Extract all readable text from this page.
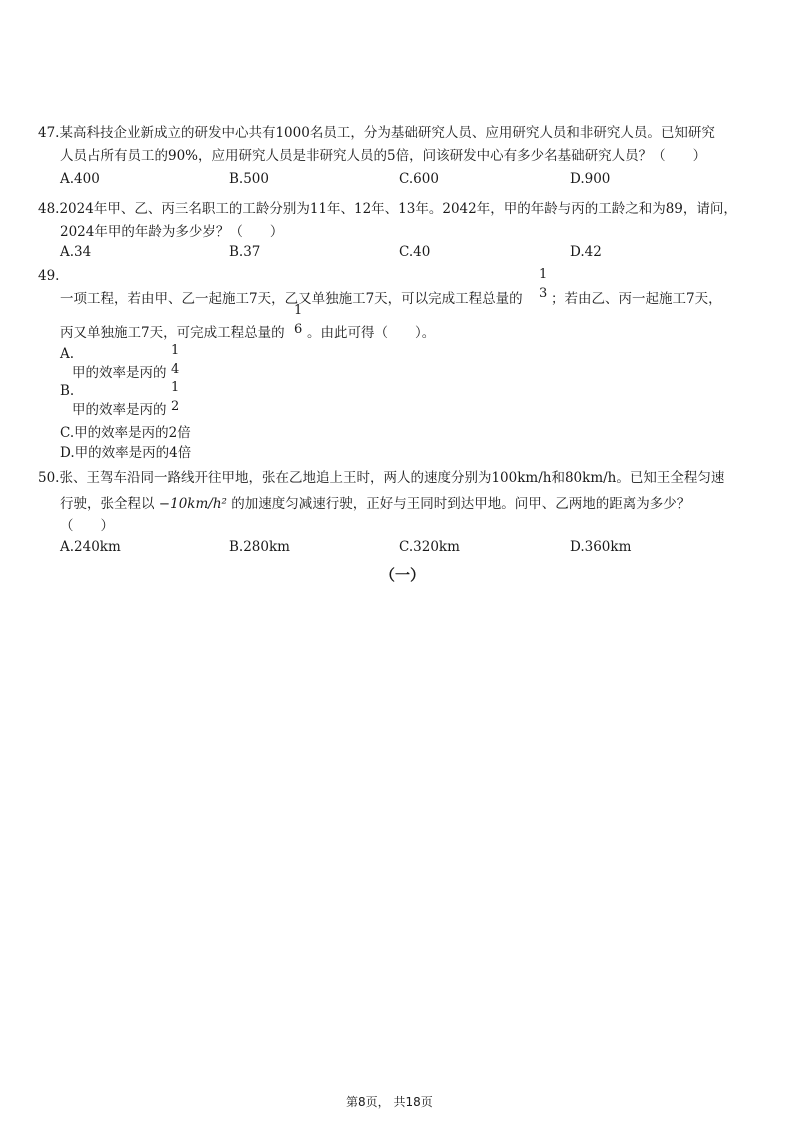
47.某高科技企业新成立的研发中心共有1000名员工，分为基础研究人员、应用研究人员和非研究人员。已知研究
人员占所有员工的90%，应用研究人员是非研究人员的5倍，问该研发中心有多少名基础研究人员？（　　）
A.400	B.500	C.600	D.900
48.2024年甲、乙、丙三名职工的工龄分别为11年、12年、13年。2042年，甲的年龄与丙的工龄之和为89，请问，
2024年甲的年龄为多少岁？（　　）
A.34	B.37	C.40	D.42
49.
一项工程，若由甲、乙一起施工7天，乙又单独施工7天，可以完成工程总量的
1
3 ；若由乙、丙一起施工7天，
丙又单独施工7天，可完成工程总量的
1
6 。由此可得（　　）。
A.
甲的效率是丙的
1
4
B.
甲的效率是丙的
1
2
C.甲的效率是丙的2倍
D.甲的效率是丙的4倍
50.张、王驾车沿同一路线开往甲地，张在乙地追上王时，两人的速度分别为100km/h和80km/h。已知王全程匀速
行驶，张全程以 −10km/h² 的加速度匀减速行驶，正好与王同时到达甲地。问甲、乙两地的距离为多少？
（　　）
A.240km	B.280km	C.320km	D.360km
（一）
第8页， 共18页
